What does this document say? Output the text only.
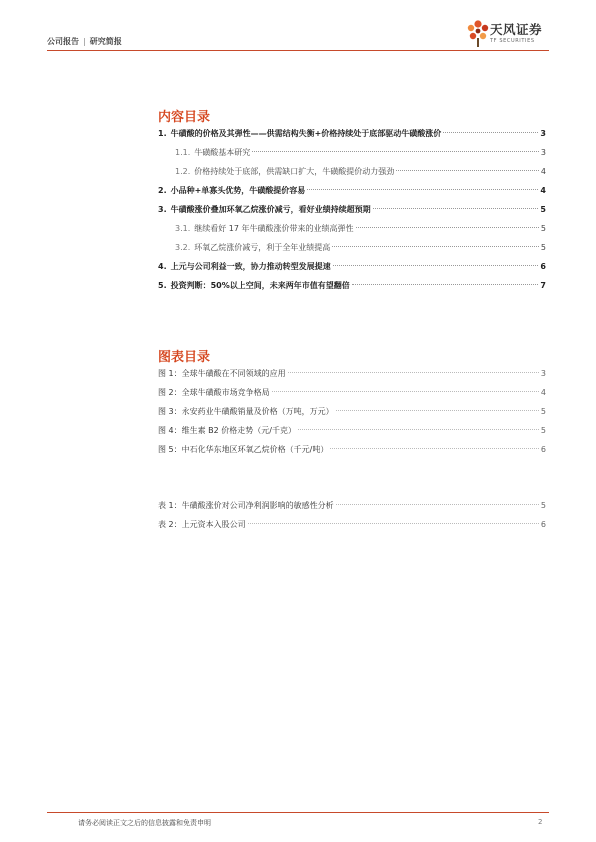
公司报告 | 研究简报
天风证券
TF SECURITIES
内容目录
1. 牛磺酸的价格及其弹性——供需结构失衡+价格持续处于底部驱动牛磺酸涨价	3
1.1. 牛磺酸基本研究	3
1.2. 价格持续处于底部，供需缺口扩大，牛磺酸提价动力强劲	4
2. 小品种+单寡头优势，牛磺酸提价容易	4
3. 牛磺酸涨价叠加环氧乙烷涨价减亏，看好业绩持续超预期	5
3.1. 继续看好 17 年牛磺酸涨价带来的业绩高弹性	5
3.2. 环氧乙烷涨价减亏，利于全年业绩提高	5
4. 上元与公司利益一致，协力推动转型发展提速	6
5. 投资判断：50%以上空间，未来两年市值有望翻倍	7
图表目录
图 1：全球牛磺酸在不同领域的应用	3
图 2：全球牛磺酸市场竞争格局	4
图 3：永安药业牛磺酸销量及价格（万吨，万元）	5
图 4：维生素 B2 价格走势（元/千克）	5
图 5：中石化华东地区环氧乙烷价格（千元/吨）	6
表 1：牛磺酸涨价对公司净利润影响的敏感性分析	5
表 2：上元资本入股公司	6
请务必阅读正文之后的信息披露和免责申明	2
